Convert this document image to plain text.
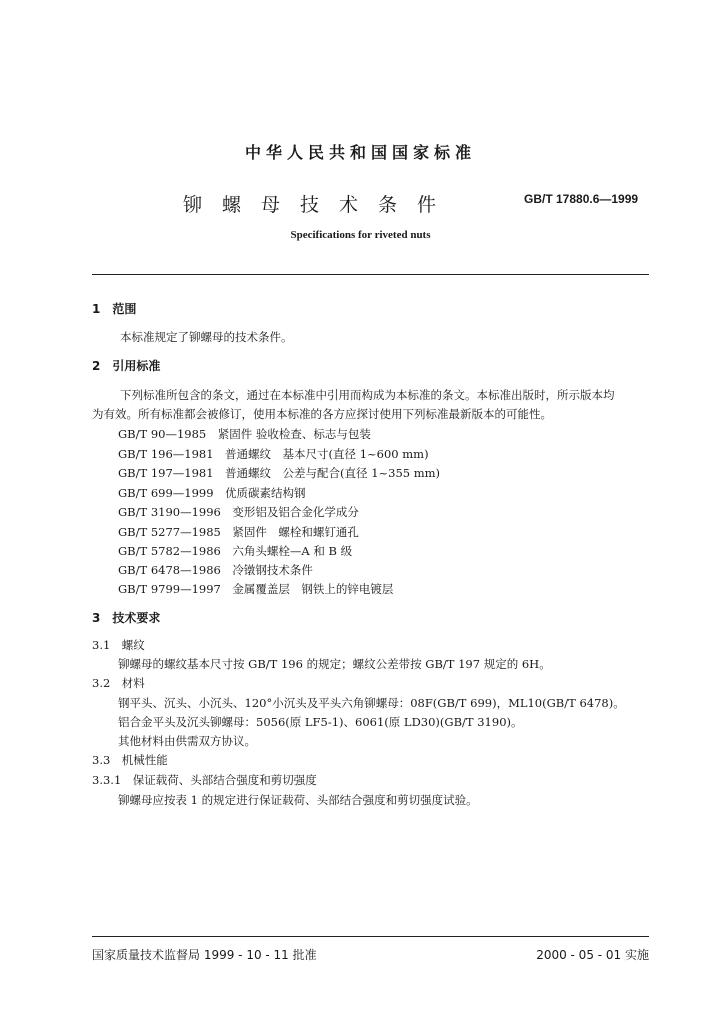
中华人民共和国国家标准
铆螺母技术条件	GB/T 17880.6—1999
Specifications for riveted nuts
1　范围
本标准规定了铆螺母的技术条件。
2　引用标准
下列标准所包含的条文，通过在本标准中引用而构成为本标准的条文。本标准出版时，所示版本均
为有效。所有标准都会被修订，使用本标准的各方应探讨使用下列标准最新版本的可能性。
GB/T 90—1985　紧固件 验收检查、标志与包装
GB/T 196—1981　普通螺纹　基本尺寸(直径 1~600 mm)
GB/T 197—1981　普通螺纹　公差与配合(直径 1~355 mm)
GB/T 699—1999　优质碳素结构钢
GB/T 3190—1996　变形铝及铝合金化学成分
GB/T 5277—1985　紧固件　螺栓和螺钉通孔
GB/T 5782—1986　六角头螺栓—A 和 B 级
GB/T 6478—1986　冷镦钢技术条件
GB/T 9799—1997　金属覆盖层　钢铁上的锌电镀层
3　技术要求
3.1　螺纹
铆螺母的螺纹基本尺寸按 GB/T 196 的规定；螺纹公差带按 GB/T 197 规定的 6H。
3.2　材料
钢平头、沉头、小沉头、120°小沉头及平头六角铆螺母：08F(GB/T 699)，ML10(GB/T 6478)。
铝合金平头及沉头铆螺母：5056(原 LF5-1)、6061(原 LD30)(GB/T 3190)。
其他材料由供需双方协议。
3.3　机械性能
3.3.1　保证载荷、头部结合强度和剪切强度
铆螺母应按表 1 的规定进行保证载荷、头部结合强度和剪切强度试验。
国家质量技术监督局 1999 - 10 - 11 批准	2000 - 05 - 01 实施
